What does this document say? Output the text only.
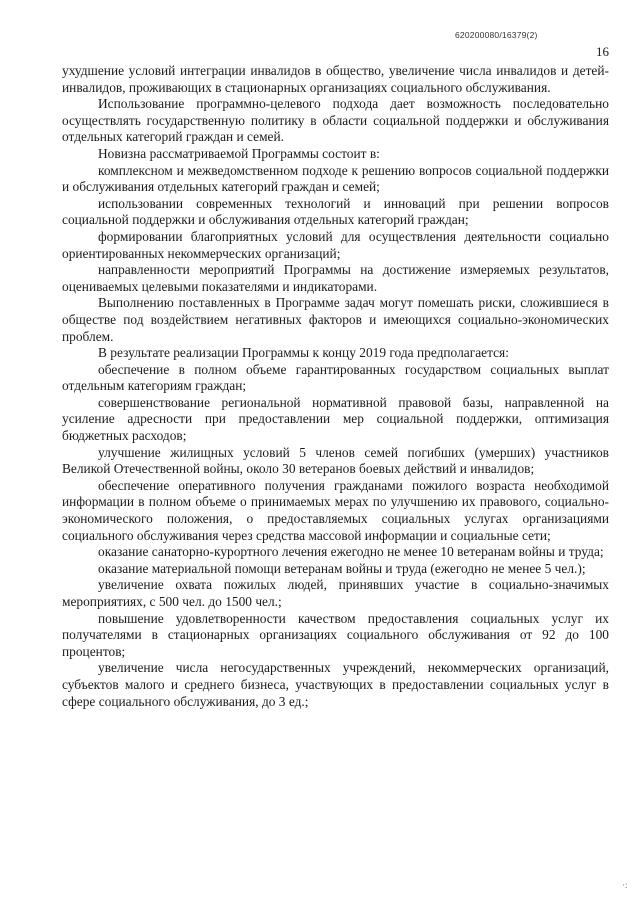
620200080/16379(2)
16

ухудшение условий интеграции инвалидов в общество, увеличение числа инвалидов и детей-инвалидов, проживающих в стационарных организациях социального обслуживания.

Использование программно-целевого подхода дает возможность последовательно осуществлять государственную политику в области социальной поддержки и обслуживания отдельных категорий граждан и семей.

Новизна рассматриваемой Программы состоит в:

комплексном и межведомственном подходе к решению вопросов социальной поддержки и обслуживания отдельных категорий граждан и семей;

использовании современных технологий и инноваций при решении вопросов социальной поддержки и обслуживания отдельных категорий граждан;

формировании благоприятных условий для осуществления деятельности социально ориентированных некоммерческих организаций;

направленности мероприятий Программы на достижение измеряемых результатов, оцениваемых целевыми показателями и индикаторами.

Выполнению поставленных в Программе задач могут помешать риски, сложившиеся в обществе под воздействием негативных факторов и имеющихся социально-экономических проблем.

В результате реализации Программы к концу 2019 года предполагается:

обеспечение в полном объеме гарантированных государством социальных выплат отдельным категориям граждан;

совершенствование региональной нормативной правовой базы, направленной на усиление адресности при предоставлении мер социальной поддержки, оптимизация бюджетных расходов;

улучшение жилищных условий 5 членов семей погибших (умерших) участников Великой Отечественной войны, около 30 ветеранов боевых действий и инвалидов;

обеспечение оперативного получения гражданами пожилого возраста необходимой информации в полном объеме о принимаемых мерах по улучшению их правового, социально-экономического положения, о предоставляемых социальных услугах организациями социального обслуживания через средства массовой информации и социальные сети;

оказание санаторно-курортного лечения ежегодно не менее 10 ветеранам войны и труда;

оказание материальной помощи ветеранам войны и труда (ежегодно не менее 5 чел.);

увеличение охвата пожилых людей, принявших участие в социально-значимых мероприятиях, с 500 чел. до 1500 чел.;

повышение удовлетворенности качеством предоставления социальных услуг их получателями в стационарных организациях социального обслуживания от 92 до 100 процентов;

увеличение числа негосударственных учреждений, некоммерческих организаций, субъектов малого и среднего бизнеса, участвующих в предоставлении социальных услуг в сфере социального обслуживания, до 3 ед.;

·:
